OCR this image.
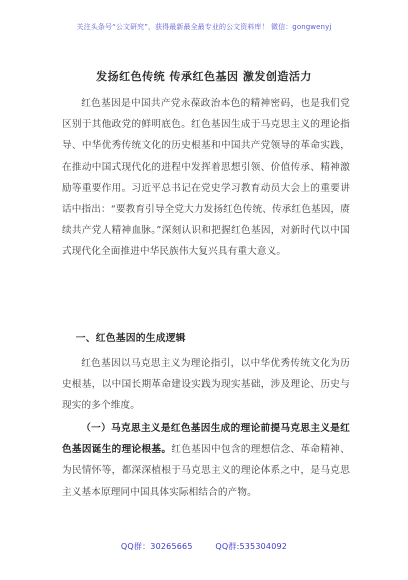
关注头条号“公文研究”，获得最新最全最专业的公文资料库！ 微信：gongwenyj
发扬红色传统 传承红色基因 激发创造活力
红色基因是中国共产党永葆政治本色的精神密码，也是我们党区别于其他政党的鲜明底色。红色基因生成于马克思主义的理论指导、中华优秀传统文化的历史根基和中国共产党领导的革命实践，在推动中国式现代化的进程中发挥着思想引领、价值传承、精神激励等重要作用。习近平总书记在党史学习教育动员大会上的重要讲话中指出：“要教育引导全党大力发扬红色传统、传承红色基因，赓续共产党人精神血脉。”深刻认识和把握红色基因，对新时代以中国式现代化全面推进中华民族伟大复兴具有重大意义。
一、红色基因的生成逻辑
红色基因以马克思主义为理论指引，以中华优秀传统文化为历史根基，以中国长期革命建设实践为现实基础，涉及理论、历史与现实的多个维度。
（一）马克思主义是红色基因生成的理论前提马克思主义是红色基因诞生的理论根基。红色基因中包含的理想信念、革命精神、为民情怀等，都深深植根于马克思主义的理论体系之中，是马克思主义基本原理同中国具体实际相结合的产物。
QQ群：30265665	QQ群:535304092
